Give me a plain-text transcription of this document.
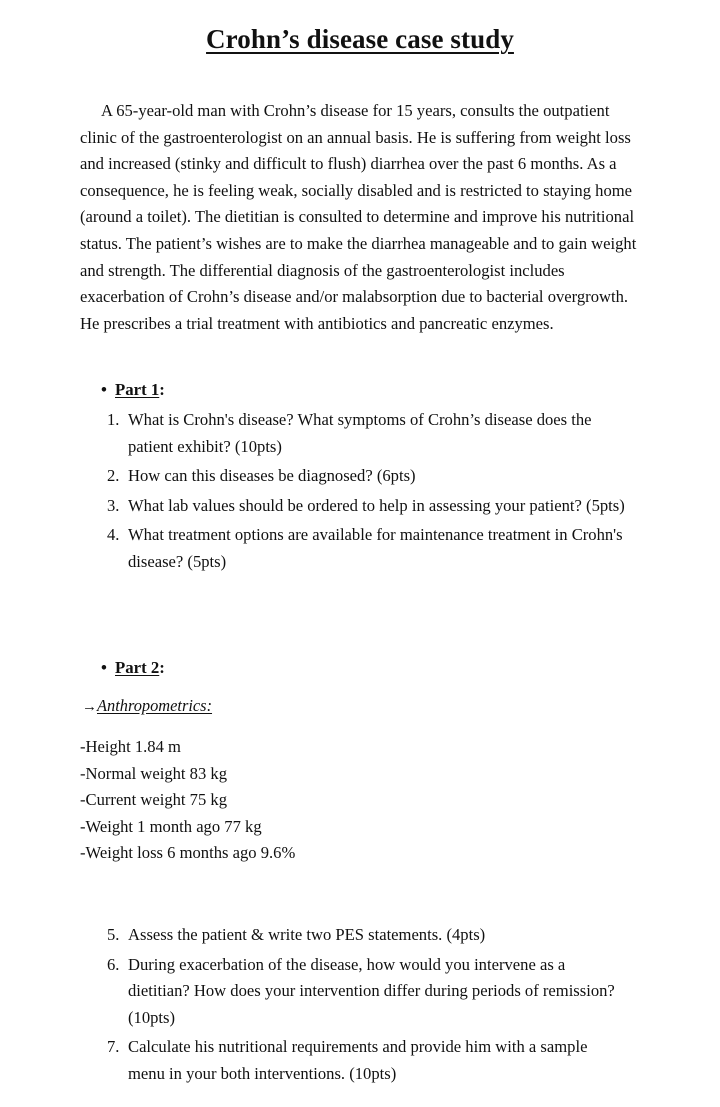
Crohn’s disease case study

A 65-year-old man with Crohn’s disease for 15 years, consults the outpatient clinic of the gastroenterologist on an annual basis. He is suffering from weight loss and increased (stinky and difficult to flush) diarrhea over the past 6 months. As a consequence, he is feeling weak, socially disabled and is restricted to staying home (around a toilet). The dietitian is consulted to determine and improve his nutritional status. The patient’s wishes are to make the diarrhea manageable and to gain weight and strength. The differential diagnosis of the gastroenterologist includes exacerbation of Crohn’s disease and/or malabsorption due to bacterial overgrowth. He prescribes a trial treatment with antibiotics and pancreatic enzymes.

• Part 1:

1. What is Crohn's disease? What symptoms of Crohn’s disease does the patient exhibit? (10pts)
2. How can this diseases be diagnosed? (6pts)
3. What lab values should be ordered to help in assessing your patient? (5pts)
4. What treatment options are available for maintenance treatment in Crohn's disease? (5pts)

• Part 2:

→Anthropometrics:

-Height 1.84 m
-Normal weight 83 kg
-Current weight 75 kg
-Weight 1 month ago 77 kg
-Weight loss 6 months ago 9.6%
5. Assess the patient & write two PES statements. (4pts)
6. During exacerbation of the disease, how would you intervene as a dietitian? How does your intervention differ during periods of remission? (10pts)
7. Calculate his nutritional requirements and provide him with a sample menu in your both interventions. (10pts)
